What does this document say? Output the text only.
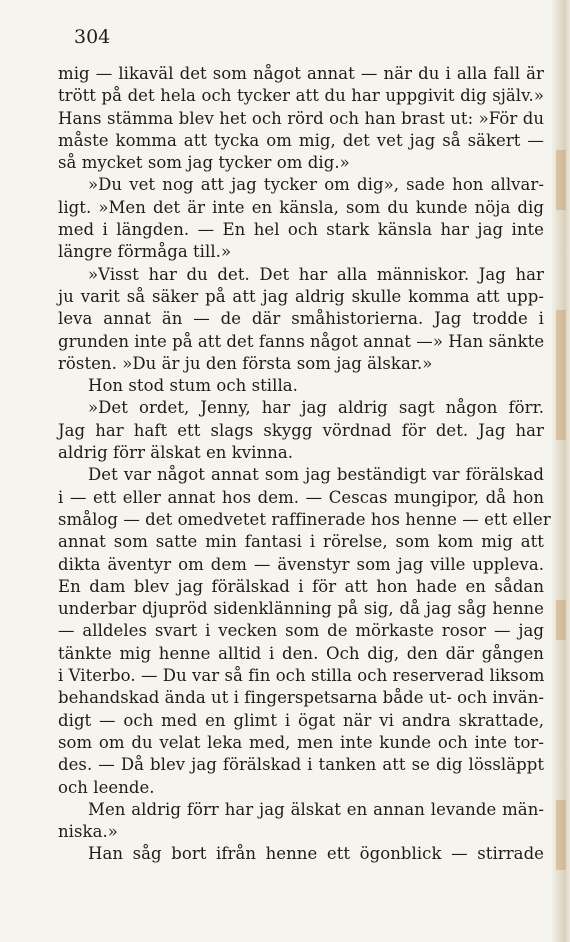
304
mig — likaväl det som något annat — när du i alla fall är
trött på det hela och tycker att du har uppgivit dig själv.»
Hans stämma blev het och rörd och han brast ut: »För du
måste komma att tycka om mig, det vet jag så säkert —
så mycket som jag tycker om dig.»
»Du vet nog att jag tycker om dig», sade hon allvar-
ligt. »Men det är inte en känsla, som du kunde nöja dig
med i längden. — En hel och stark känsla har jag inte
längre förmåga till.»
»Visst har du det. Det har alla människor. Jag har
ju varit så säker på att jag aldrig skulle komma att upp-
leva annat än — de där småhistorierna. Jag trodde i
grunden inte på att det fanns något annat —» Han sänkte
rösten. »Du är ju den första som jag älskar.»
Hon stod stum och stilla.
»Det ordet, Jenny, har jag aldrig sagt någon förr.
Jag har haft ett slags skygg vördnad för det. Jag har
aldrig förr älskat en kvinna.
Det var något annat som jag beständigt var förälskad
i — ett eller annat hos dem. — Cescas mungipor, då hon
smålog — det omedvetet raffinerade hos henne — ett eller
annat som satte min fantasi i rörelse, som kom mig att
dikta äventyr om dem — ävenstyr som jag ville uppleva.
En dam blev jag förälskad i för att hon hade en sådan
underbar djupröd sidenklänning på sig, då jag såg henne
— alldeles svart i vecken som de mörkaste rosor — jag
tänkte mig henne alltid i den. Och dig, den där gången
i Viterbo. — Du var så fin och stilla och reserverad liksom
behandskad ända ut i fingerspetsarna både ut- och invän-
digt — och med en glimt i ögat när vi andra skrattade,
som om du velat leka med, men inte kunde och inte tor-
des. — Då blev jag förälskad i tanken att se dig lössläppt
och leende.
Men aldrig förr har jag älskat en annan levande män-
niska.»
Han såg bort ifrån henne ett ögonblick — stirrade
